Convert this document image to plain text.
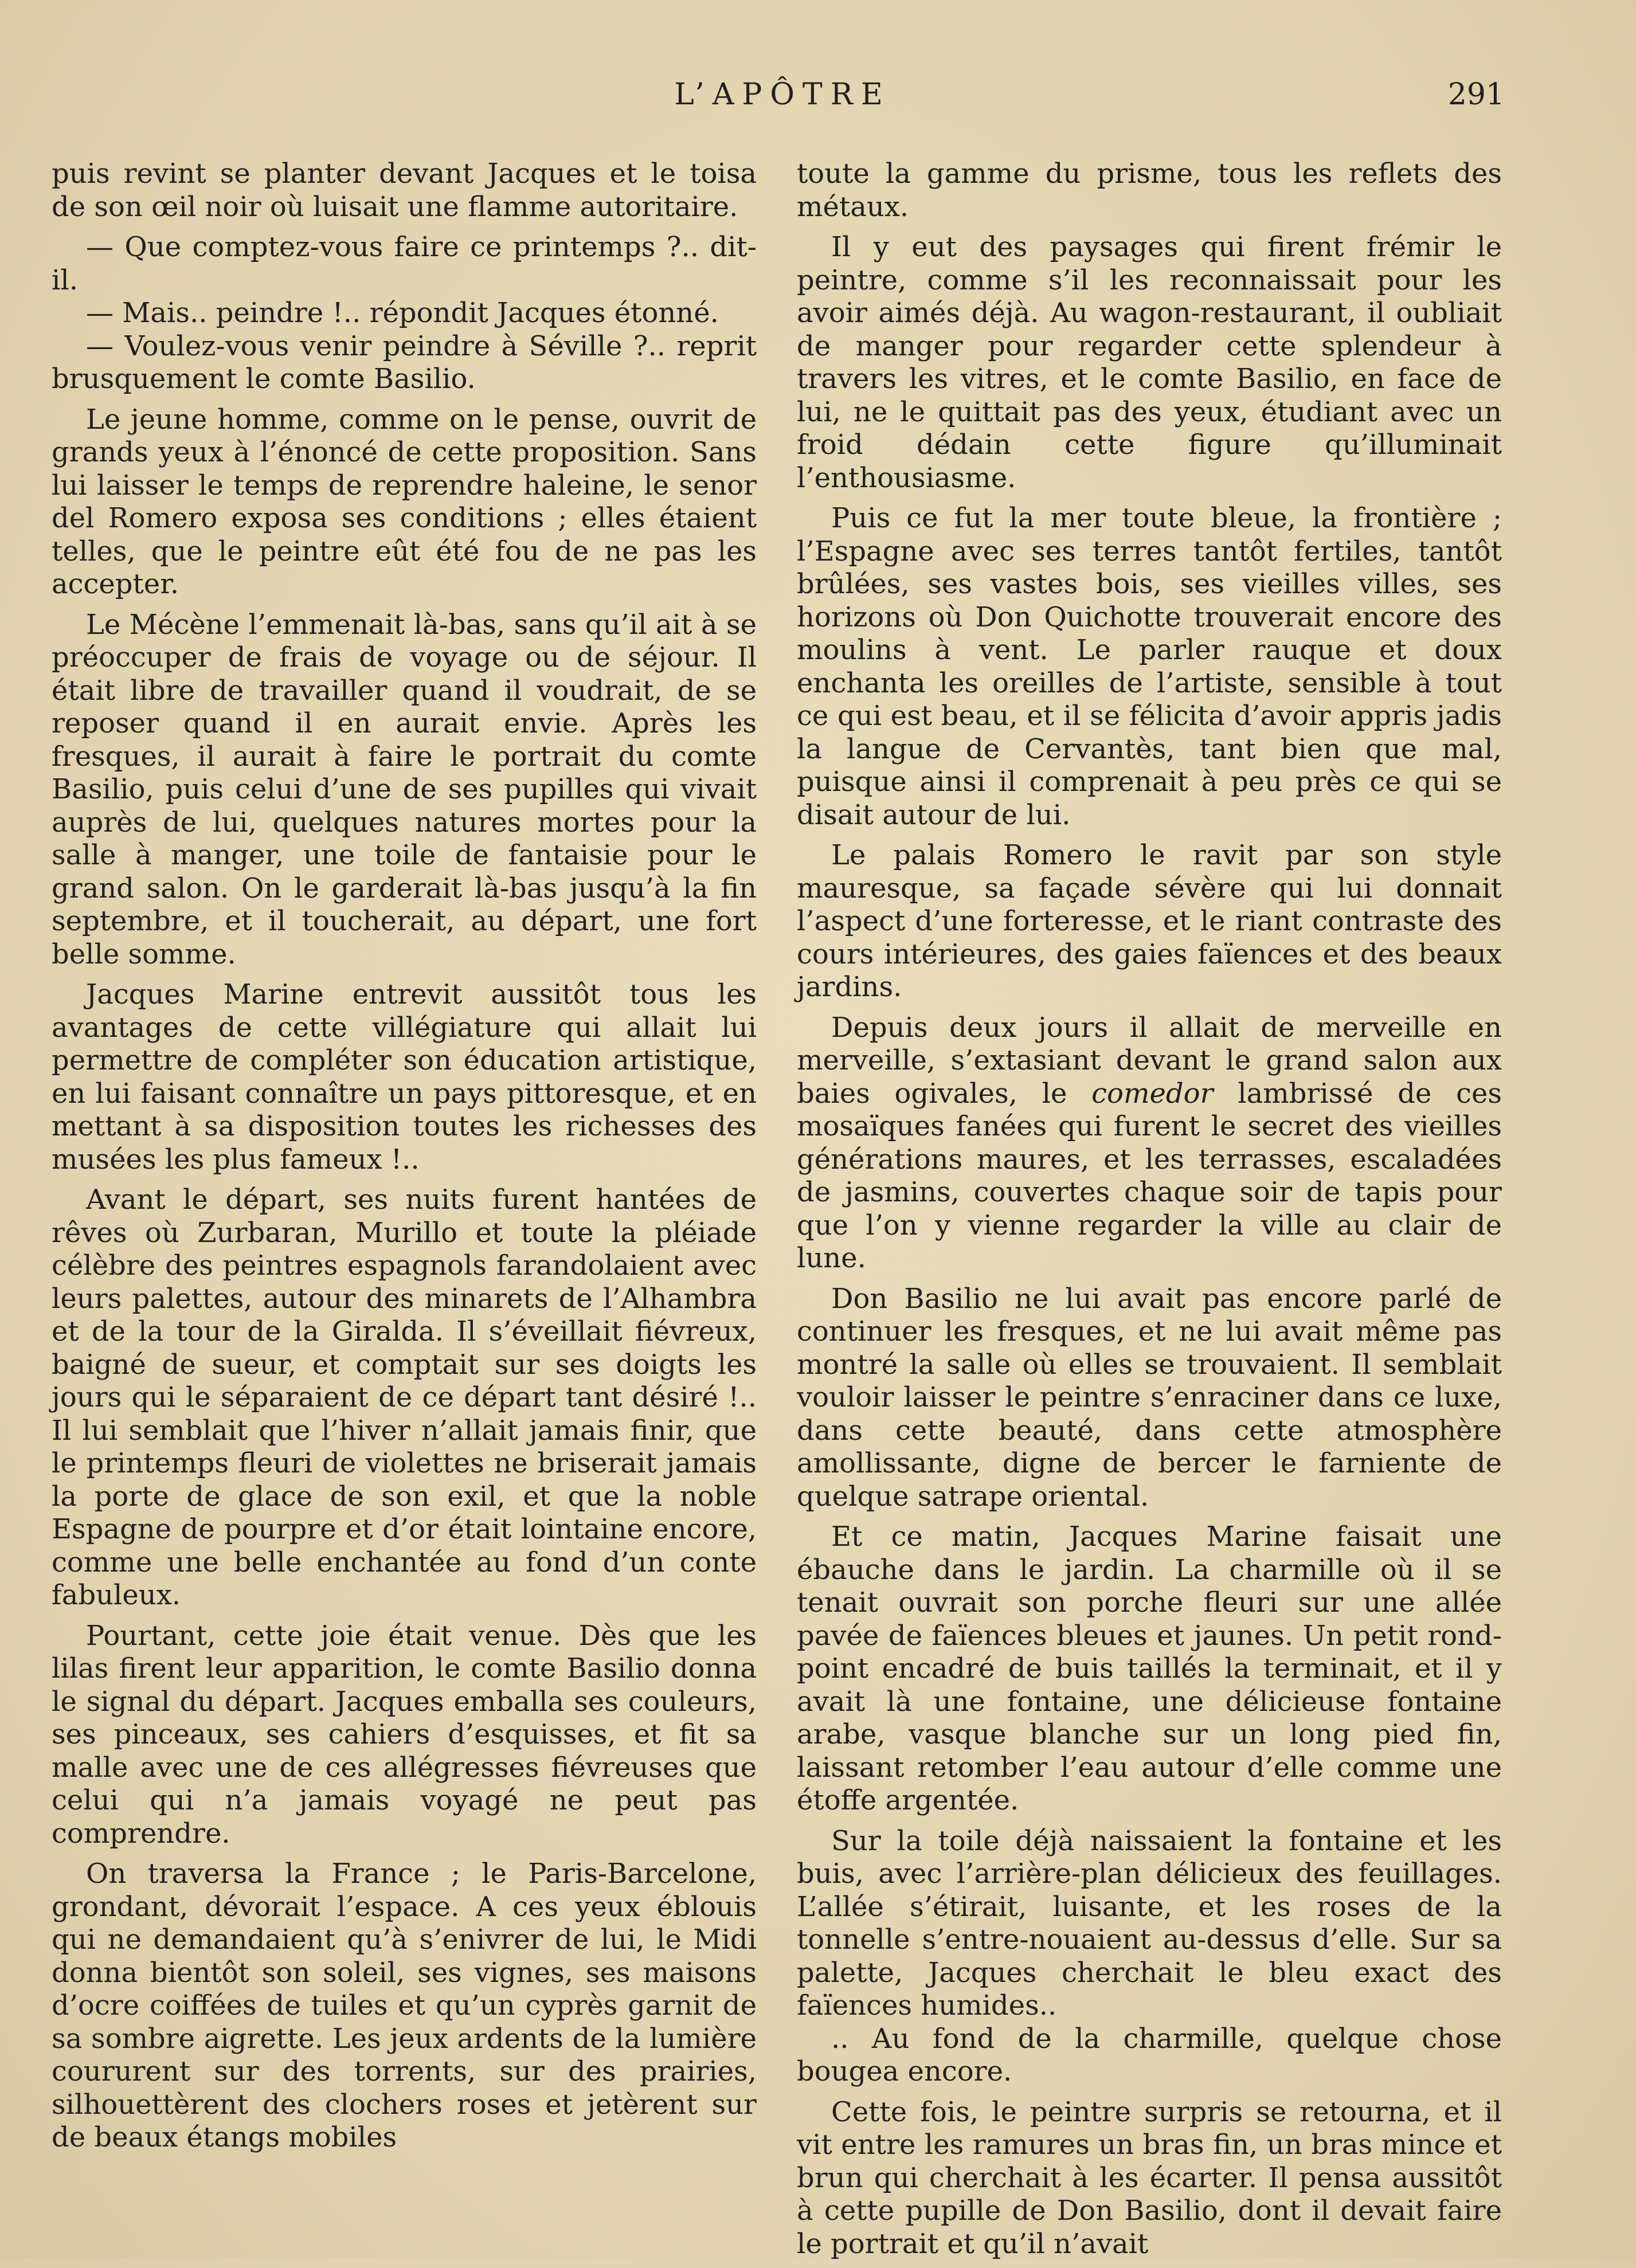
L’APÔTRE	291

puis revint se planter devant Jacques et le toisa de son œil noir où luisait une flamme autoritaire.

— Que comptez-vous faire ce printemps ?.. dit-il.

— Mais.. peindre !.. répondit Jacques étonné.

— Voulez-vous venir peindre à Séville ?.. reprit brusquement le comte Basilio.

Le jeune homme, comme on le pense, ouvrit de grands yeux à l’énoncé de cette proposition. Sans lui laisser le temps de reprendre haleine, le senor del Romero exposa ses conditions ; elles étaient telles, que le peintre eût été fou de ne pas les accepter.

Le Mécène l’emmenait là-bas, sans qu’il ait à se préoccuper de frais de voyage ou de séjour. Il était libre de travailler quand il voudrait, de se reposer quand il en aurait envie. Après les fresques, il aurait à faire le portrait du comte Basilio, puis celui d’une de ses pupilles qui vivait auprès de lui, quelques natures mortes pour la salle à manger, une toile de fantaisie pour le grand salon. On le garderait là-bas jusqu’à la fin septembre, et il toucherait, au départ, une fort belle somme.

Jacques Marine entrevit aussitôt tous les avantages de cette villégiature qui allait lui permettre de compléter son éducation artistique, en lui faisant connaître un pays pittoresque, et en mettant à sa disposition toutes les richesses des musées les plus fameux !..

Avant le départ, ses nuits furent hantées de rêves où Zurbaran, Murillo et toute la pléiade célèbre des peintres espagnols farandolaient avec leurs palettes, autour des minarets de l’Alhambra et de la tour de la Giralda. Il s’éveillait fiévreux, baigné de sueur, et comptait sur ses doigts les jours qui le séparaient de ce départ tant désiré !.. Il lui semblait que l’hiver n’allait jamais finir, que le printemps fleuri de violettes ne briserait jamais la porte de glace de son exil, et que la noble Espagne de pourpre et d’or était lointaine encore, comme une belle enchantée au fond d’un conte fabuleux.

Pourtant, cette joie était venue. Dès que les lilas firent leur apparition, le comte Basilio donna le signal du départ. Jacques emballa ses couleurs, ses pinceaux, ses cahiers d’esquisses, et fit sa malle avec une de ces allégresses fiévreuses que celui qui n’a jamais voyagé ne peut pas comprendre.

On traversa la France ; le Paris-Barcelone, grondant, dévorait l’espace. A ces yeux éblouis qui ne demandaient qu’à s’enivrer de lui, le Midi donna bientôt son soleil, ses vignes, ses maisons d’ocre coiffées de tuiles et qu’un cyprès garnit de sa sombre aigrette. Les jeux ardents de la lumière coururent sur des torrents, sur des prairies, silhouettèrent des clochers roses et jetèrent sur de beaux étangs mobiles

toute la gamme du prisme, tous les reflets des métaux.

Il y eut des paysages qui firent frémir le peintre, comme s’il les reconnaissait pour les avoir aimés déjà. Au wagon-restaurant, il oubliait de manger pour regarder cette splendeur à travers les vitres, et le comte Basilio, en face de lui, ne le quittait pas des yeux, étudiant avec un froid dédain cette figure qu’illuminait l’enthousiasme.

Puis ce fut la mer toute bleue, la frontière ; l’Espagne avec ses terres tantôt fertiles, tantôt brûlées, ses vastes bois, ses vieilles villes, ses horizons où Don Quichotte trouverait encore des moulins à vent. Le parler rauque et doux enchanta les oreilles de l’artiste, sensible à tout ce qui est beau, et il se félicita d’avoir appris jadis la langue de Cervantès, tant bien que mal, puisque ainsi il comprenait à peu près ce qui se disait autour de lui.

Le palais Romero le ravit par son style mauresque, sa façade sévère qui lui donnait l’aspect d’une forteresse, et le riant contraste des cours intérieures, des gaies faïences et des beaux jardins.

Depuis deux jours il allait de merveille en merveille, s’extasiant devant le grand salon aux baies ogivales, le comedor lambrissé de ces mosaïques fanées qui furent le secret des vieilles générations maures, et les terrasses, escaladées de jasmins, couvertes chaque soir de tapis pour que l’on y vienne regarder la ville au clair de lune.

Don Basilio ne lui avait pas encore parlé de continuer les fresques, et ne lui avait même pas montré la salle où elles se trouvaient. Il semblait vouloir laisser le peintre s’enraciner dans ce luxe, dans cette beauté, dans cette atmosphère amollissante, digne de bercer le farniente de quelque satrape oriental.

Et ce matin, Jacques Marine faisait une ébauche dans le jardin. La charmille où il se tenait ouvrait son porche fleuri sur une allée pavée de faïences bleues et jaunes. Un petit rond-point encadré de buis taillés la terminait, et il y avait là une fontaine, une délicieuse fontaine arabe, vasque blanche sur un long pied fin, laissant retomber l’eau autour d’elle comme une étoffe argentée.

Sur la toile déjà naissaient la fontaine et les buis, avec l’arrière-plan délicieux des feuillages. L’allée s’étirait, luisante, et les roses de la tonnelle s’entre-nouaient au-dessus d’elle. Sur sa palette, Jacques cherchait le bleu exact des faïences humides..

.. Au fond de la charmille, quelque chose bougea encore.

Cette fois, le peintre surpris se retourna, et il vit entre les ramures un bras fin, un bras mince et brun qui cherchait à les écarter. Il pensa aussitôt à cette pupille de Don Basilio, dont il devait faire le portrait et qu’il n’avait
